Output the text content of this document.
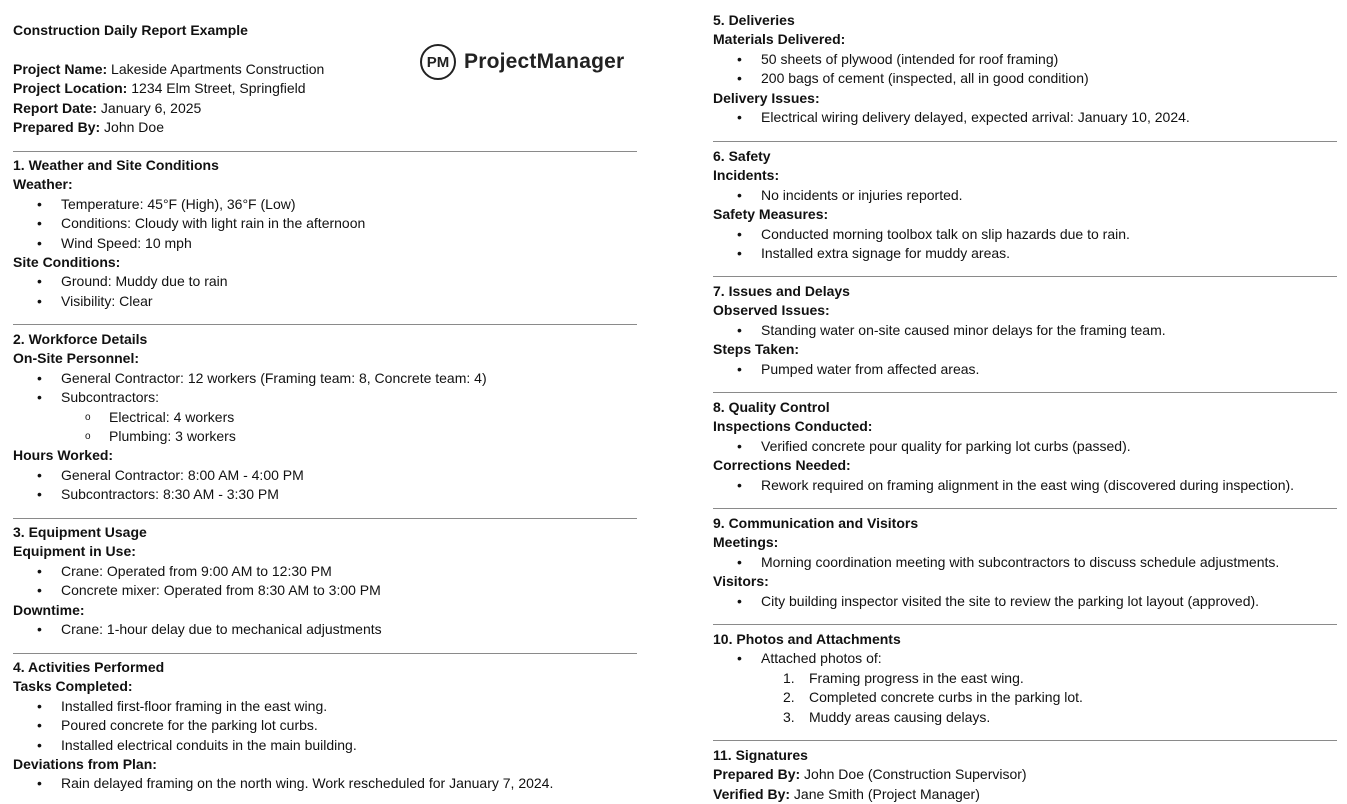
PM ProjectManager
Construction Daily Report Example
Project Name: Lakeside Apartments Construction
Project Location: 1234 Elm Street, Springfield
Report Date: January 6, 2025
Prepared By: John Doe
1. Weather and Site Conditions
Weather:
• Temperature: 45°F (High), 36°F (Low)
• Conditions: Cloudy with light rain in the afternoon
• Wind Speed: 10 mph
Site Conditions:
• Ground: Muddy due to rain
• Visibility: Clear
2. Workforce Details
On-Site Personnel:
• General Contractor: 12 workers (Framing team: 8, Concrete team: 4)
• Subcontractors:
o Electrical: 4 workers
o Plumbing: 3 workers
Hours Worked:
• General Contractor: 8:00 AM - 4:00 PM
• Subcontractors: 8:30 AM - 3:30 PM
3. Equipment Usage
Equipment in Use:
• Crane: Operated from 9:00 AM to 12:30 PM
• Concrete mixer: Operated from 8:30 AM to 3:00 PM
Downtime:
• Crane: 1-hour delay due to mechanical adjustments
4. Activities Performed
Tasks Completed:
• Installed first-floor framing in the east wing.
• Poured concrete for the parking lot curbs.
• Installed electrical conduits in the main building.
Deviations from Plan:
• Rain delayed framing on the north wing. Work rescheduled for January 7, 2024.
5. Deliveries
Materials Delivered:
• 50 sheets of plywood (intended for roof framing)
• 200 bags of cement (inspected, all in good condition)
Delivery Issues:
• Electrical wiring delivery delayed, expected arrival: January 10, 2024.
6. Safety
Incidents:
• No incidents or injuries reported.
Safety Measures:
• Conducted morning toolbox talk on slip hazards due to rain.
• Installed extra signage for muddy areas.
7. Issues and Delays
Observed Issues:
• Standing water on-site caused minor delays for the framing team.
Steps Taken:
• Pumped water from affected areas.
8. Quality Control
Inspections Conducted:
• Verified concrete pour quality for parking lot curbs (passed).
Corrections Needed:
• Rework required on framing alignment in the east wing (discovered during inspection).
9. Communication and Visitors
Meetings:
• Morning coordination meeting with subcontractors to discuss schedule adjustments.
Visitors:
• City building inspector visited the site to review the parking lot layout (approved).
10. Photos and Attachments
• Attached photos of:
1. Framing progress in the east wing.
2. Completed concrete curbs in the parking lot.
3. Muddy areas causing delays.
11. Signatures
Prepared By: John Doe (Construction Supervisor)
Verified By: Jane Smith (Project Manager)
